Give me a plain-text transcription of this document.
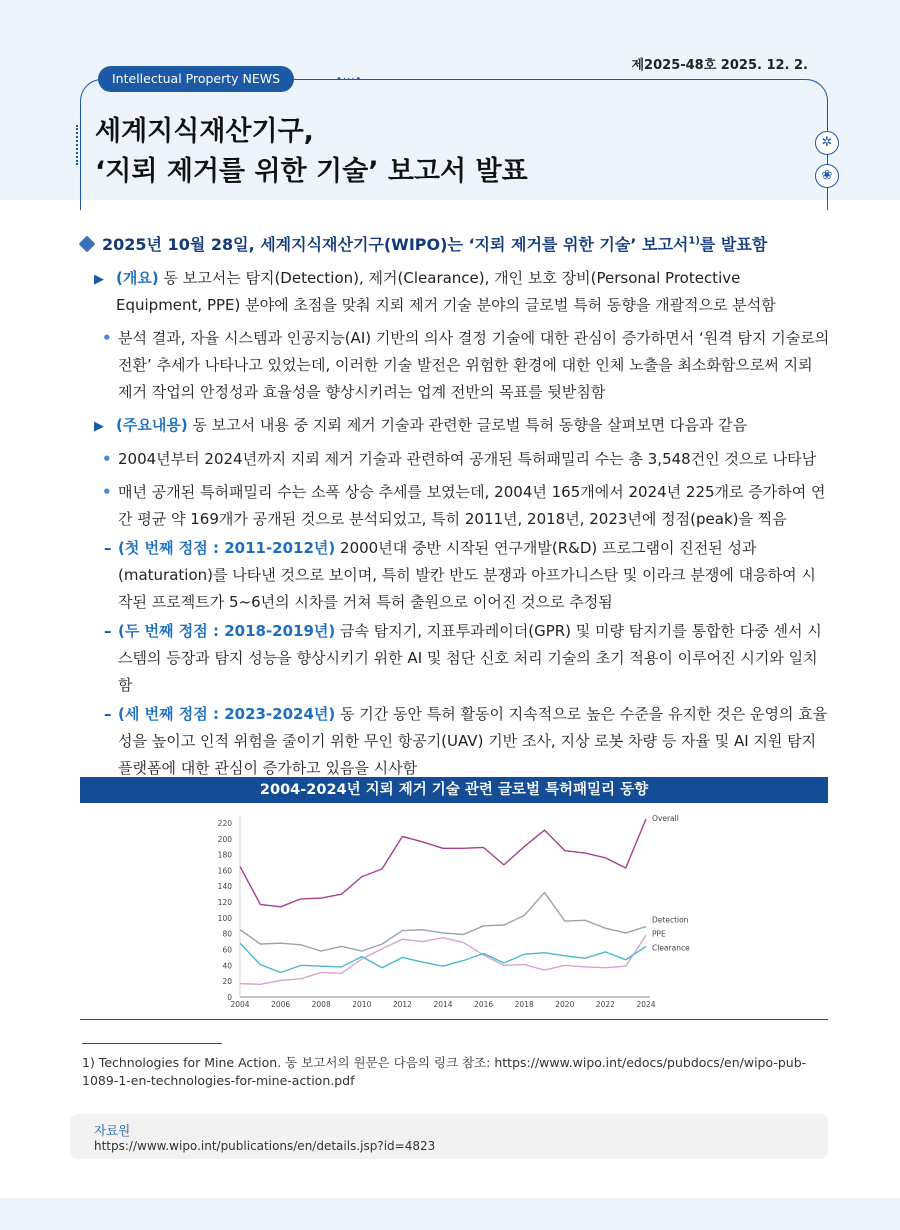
제2025-48호 2025. 12. 2.
Intellectual Property NEWS	•···•
세계지식재산기구,
‘지뢰 제거를 위한 기술’ 보고서 발표
✲
❀
2025년 10월 28일, 세계지식재산기구(WIPO)는 ‘지뢰 제거를 위한 기술’ 보고서$^{1)}$를 발표함
▶ (개요) 동 보고서는 탐지(Detection), 제거(Clearance), 개인 보호 장비(Personal Protective Equipment, PPE) 분야에 초점을 맞춰 지뢰 제거 기술 분야의 글로벌 특허 동향을 개괄적으로 분석함
• 분석 결과, 자율 시스템과 인공지능(AI) 기반의 의사 결정 기술에 대한 관심이 증가하면서 ‘원격 탐지 기술로의 전환’ 추세가 나타나고 있었는데, 이러한 기술 발전은 위험한 환경에 대한 인체 노출을 최소화함으로써 지뢰 제거 작업의 안정성과 효율성을 향상시키려는 업계 전반의 목표를 뒷받침함
▶ (주요내용) 동 보고서 내용 중 지뢰 제거 기술과 관련한 글로벌 특허 동향을 살펴보면 다음과 같음
• 2004년부터 2024년까지 지뢰 제거 기술과 관련하여 공개된 특허패밀리 수는 총 3,548건인 것으로 나타남
• 매년 공개된 특허패밀리 수는 소폭 상승 추세를 보였는데, 2004년 165개에서 2024년 225개로 증가하여 연간 평균 약 169개가 공개된 것으로 분석되었고, 특히 2011년, 2018년, 2023년에 정점(peak)을 찍음
– (첫 번째 정점 : 2011-2012년) 2000년대 중반 시작된 연구개발(R&D) 프로그램이 진전된 성과(maturation)를 나타낸 것으로 보이며, 특히 발칸 반도 분쟁과 아프가니스탄 및 이라크 분쟁에 대응하여 시작된 프로젝트가 5~6년의 시차를 거쳐 특허 출원으로 이어진 것으로 추정됨
– (두 번째 정점 : 2018-2019년) 금속 탐지기, 지표투과레이더(GPR) 및 미량 탐지기를 통합한 다중 센서 시스템의 등장과 탐지 성능을 향상시키기 위한 AI 및 첨단 신호 처리 기술의 초기 적용이 이루어진 시기와 일치함
– (세 번째 정점 : 2023-2024년) 동 기간 동안 특허 활동이 지속적으로 높은 수준을 유지한 것은 운영의 효율성을 높이고 인적 위험을 줄이기 위한 무인 항공기(UAV) 기반 조사, 지상 로봇 차량 등 자율 및 AI 지원 탐지 플랫폼에 대한 관심이 증가하고 있음을 시사함
2004-2024년 지뢰 제거 기술 관련 글로벌 특허패밀리 동향
0
20
40
60
80
100
120
140
160
180
200
220
2004	2006	2008	2010	2012	2014	2016	2018	2020	2022	2024
Overall
Detection
PPE
Clearance
1) Technologies for Mine Action. 동 보고서의 원문은 다음의 링크 참조: https://www.wipo.int/edocs/pubdocs/en/wipo-pub-1089-1-en-technologies-for-mine-action.pdf
자료원
https://www.wipo.int/publications/en/details.jsp?id=4823
